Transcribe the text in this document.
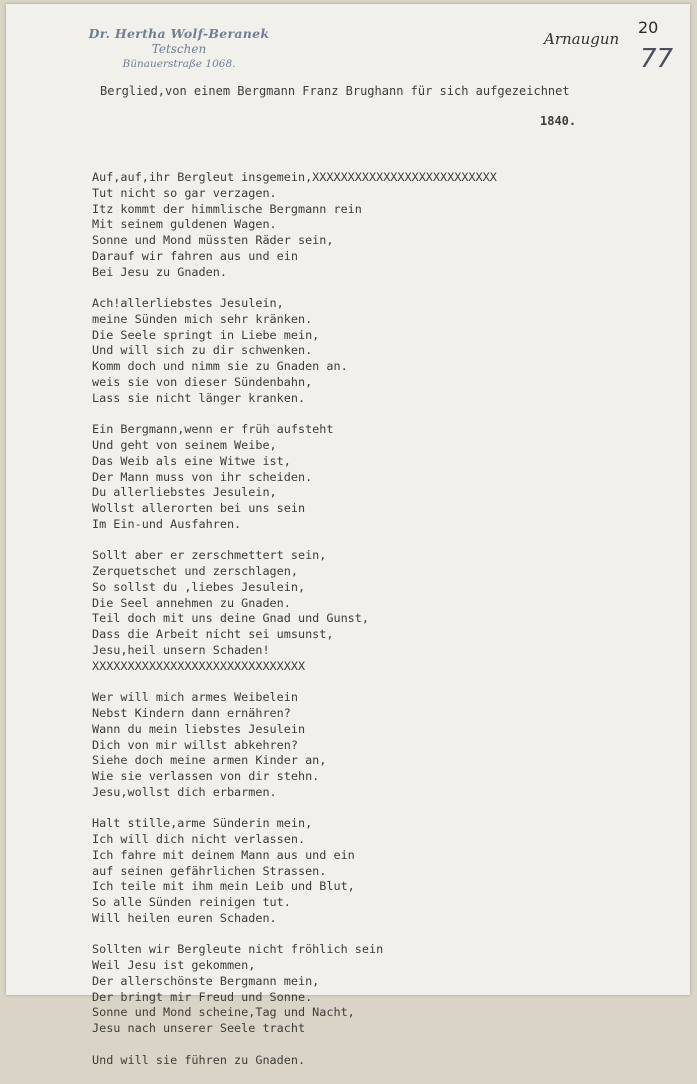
Dr. Hertha Wolf-Beranek
Tetschen
Bünauerstraße 1068.
Arnaugun
20
77
Berglied,von einem Bergmann Franz Brughann für sich aufgezeichnet
1840.
Auf,auf,ihr Bergleut insgemein,XXXXXXXXXXXXXXXXXXXXXXXXXX
Tut nicht so gar verzagen.
Itz kommt der himmlische Bergmann rein
Mit seinem guldenen Wagen.
Sonne und Mond müssten Räder sein,
Darauf wir fahren aus und ein
Bei Jesu zu Gnaden.
Ach!allerliebstes Jesulein,
meine Sünden mich sehr kränken.
Die Seele springt in Liebe mein,
Und will sich zu dir schwenken.
Komm doch und nimm sie zu Gnaden an.
weis sie von dieser Sündenbahn,
Lass sie nicht länger kranken.
Ein Bergmann,wenn er früh aufsteht
Und geht von seinem Weibe,
Das Weib als eine Witwe ist,
Der Mann muss von ihr scheiden.
Du allerliebstes Jesulein,
Wollst allerorten bei uns sein
Im Ein-und Ausfahren.
Sollt aber er zerschmettert sein,
Zerquetschet und zerschlagen,
So sollst du ,liebes Jesulein,
Die Seel annehmen zu Gnaden.
Teil doch mit uns deine Gnad und Gunst,
Dass die Arbeit nicht sei umsunst,
Jesu,heil unsern Schaden!
XXXXXXXXXXXXXXXXXXXXXXXXXXXXXX
Wer will mich armes Weibelein
Nebst Kindern dann ernähren?
Wann du mein liebstes Jesulein
Dich von mir willst abkehren?
Siehe doch meine armen Kinder an,
Wie sie verlassen von dir stehn.
Jesu,wollst dich erbarmen.
Halt stille,arme Sünderin mein,
Ich will dich nicht verlassen.
Ich fahre mit deinem Mann aus und ein
auf seinen gefährlichen Strassen.
Ich teile mit ihm mein Leib und Blut,
So alle Sünden reinigen tut.
Will heilen euren Schaden.
Sollten wir Bergleute nicht fröhlich sein
Weil Jesu ist gekommen,
Der allerschönste Bergmann mein,
Der bringt mir Freud und Sonne.
Sonne und Mond scheine,Tag und Nacht,
Jesu nach unserer Seele tracht
Und will sie führen zu Gnaden.
